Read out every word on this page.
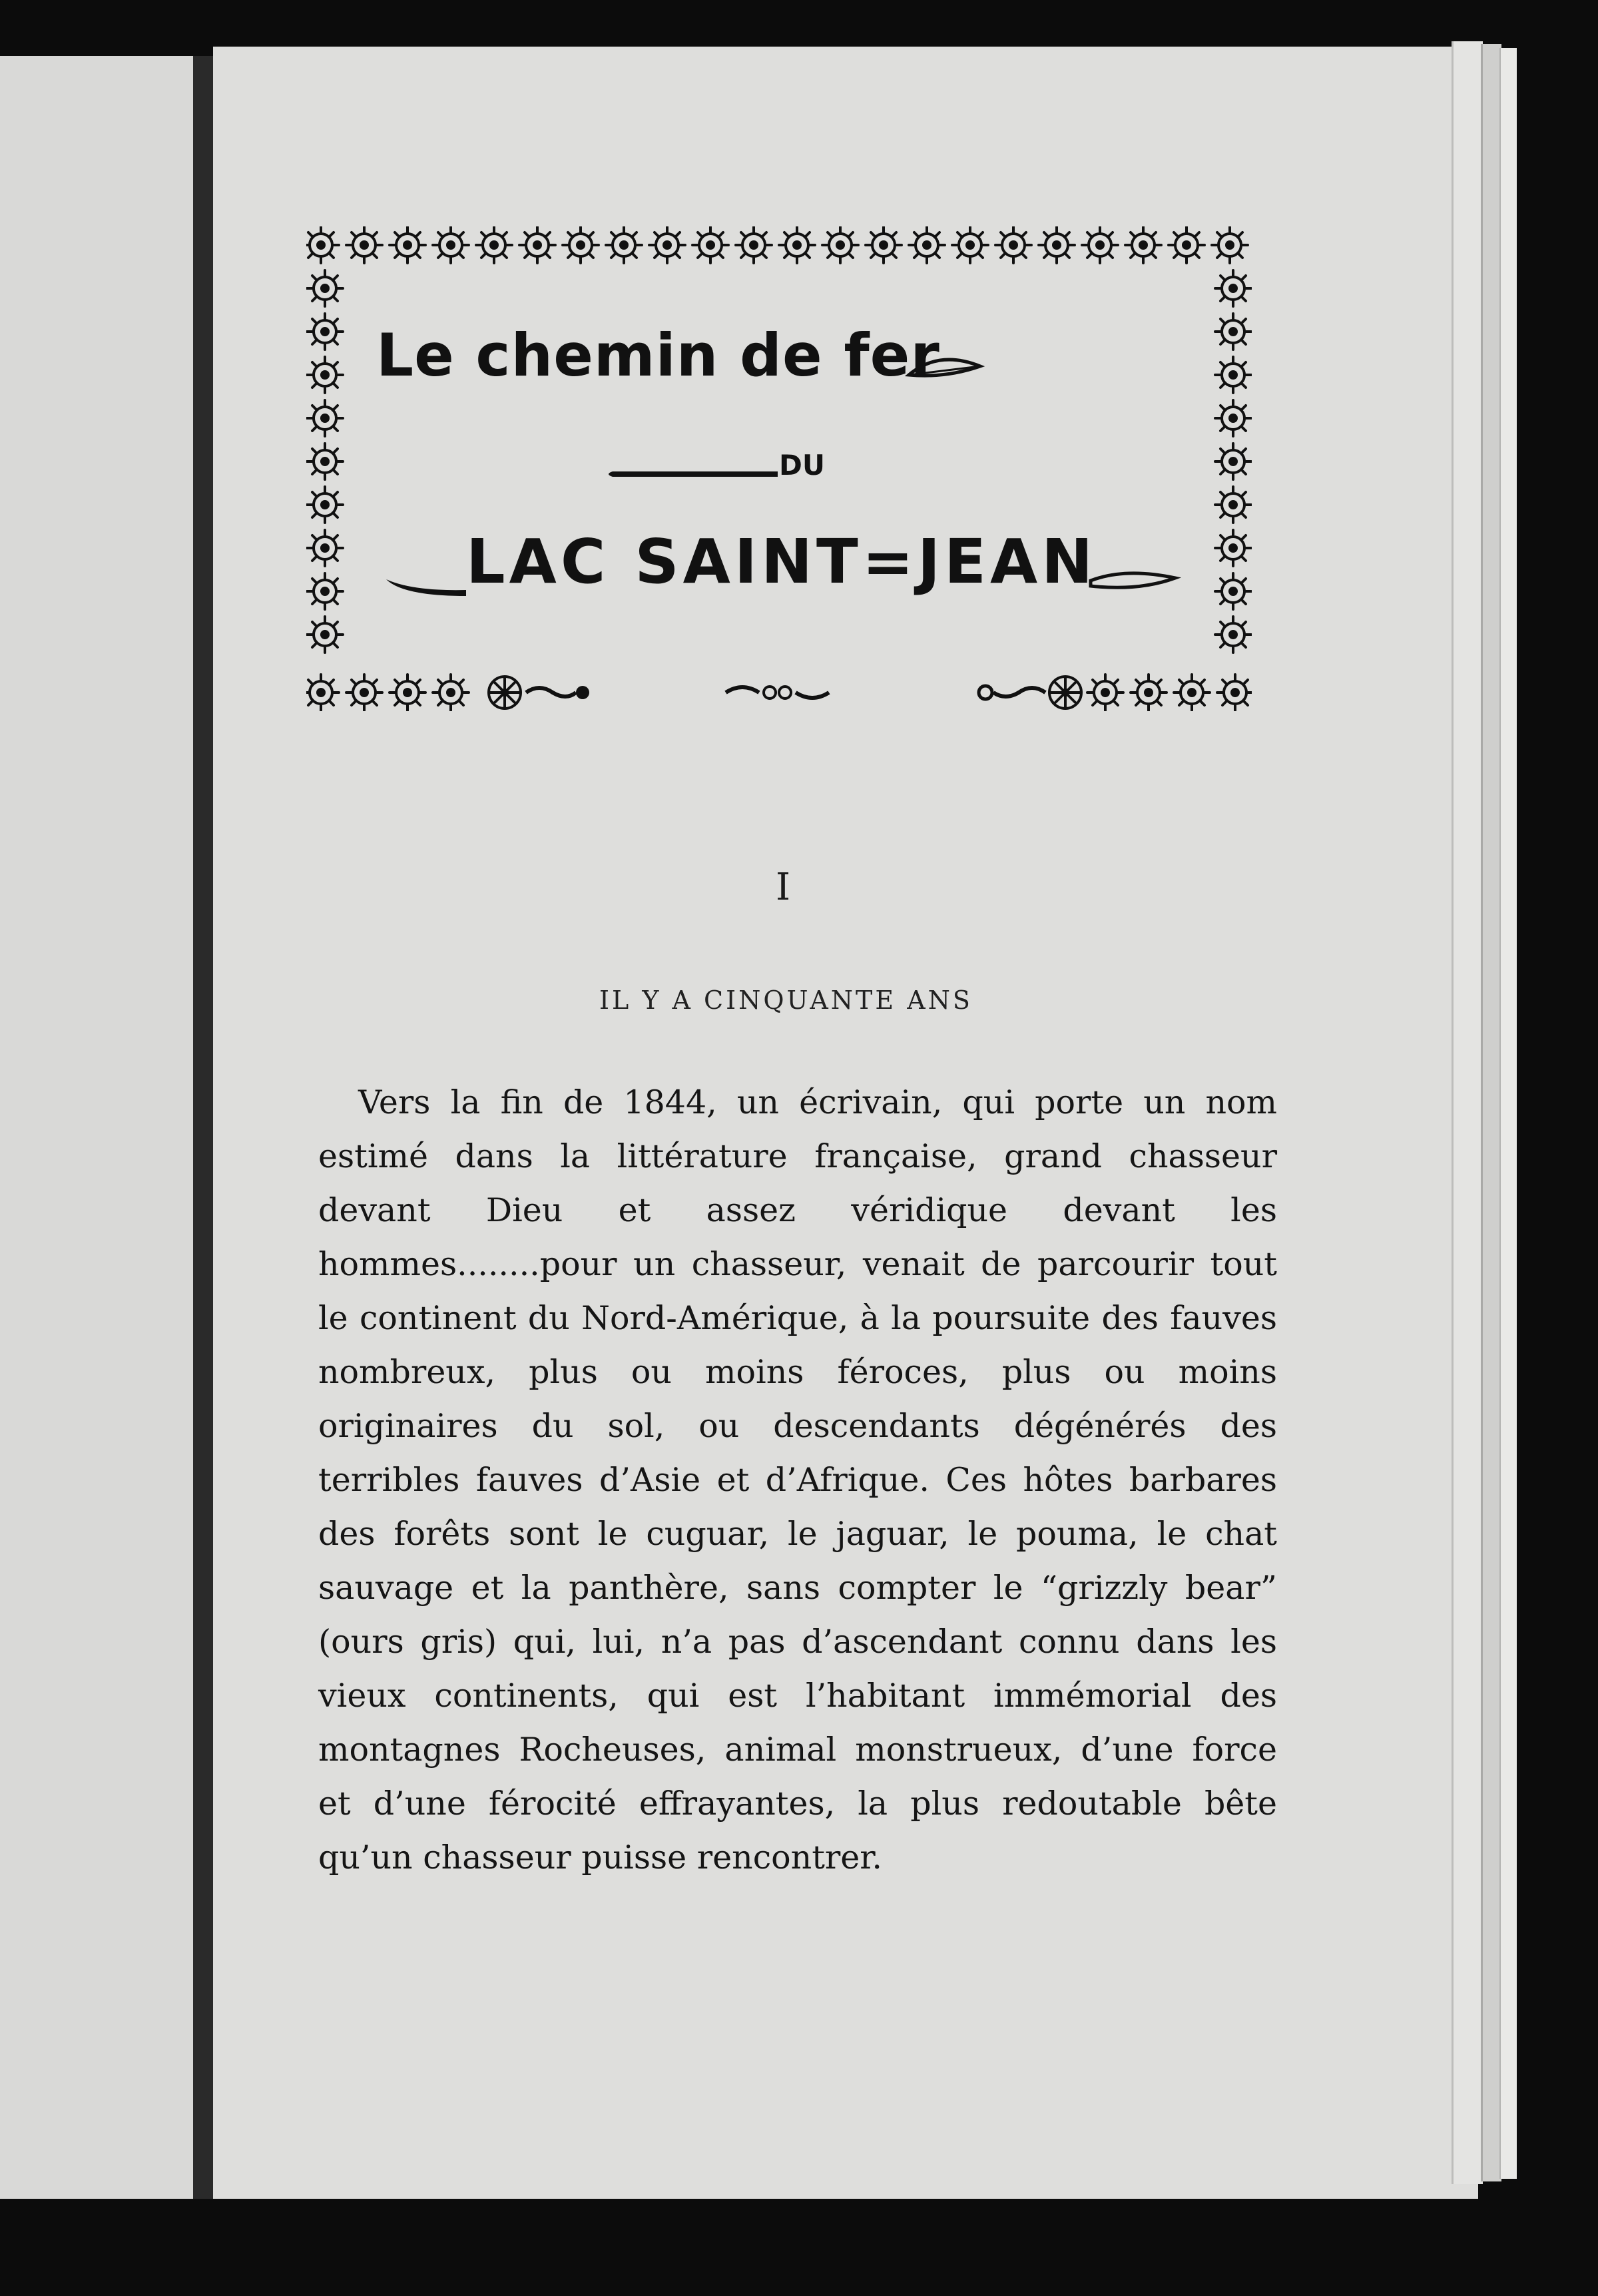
Le chemin de fer
DU
LAC SAINT=JEAN
I
IL Y A CINQUANTE ANS

Vers la fin de 1844, un écrivain, qui porte un nom estimé dans la littérature française, grand chasseur devant Dieu et assez véridique devant les hommes........pour un chasseur, venait de parcourir tout le continent du Nord-Amérique, à la poursuite des fauves nombreux, plus ou moins féroces, plus ou moins originaires du sol, ou descendants dégénérés des terribles fauves d’Asie et d’Afrique. Ces hôtes barbares des forêts sont le cuguar, le jaguar, le pouma, le chat sauvage et la panthère, sans compter le “grizzly bear” (ours gris) qui, lui, n’a pas d’ascendant connu dans les vieux continents, qui est l’habitant immémorial des montagnes Rocheuses, animal monstrueux, d’une force et d’une férocité effrayantes, la plus redoutable bête qu’un chasseur puisse rencontrer.
